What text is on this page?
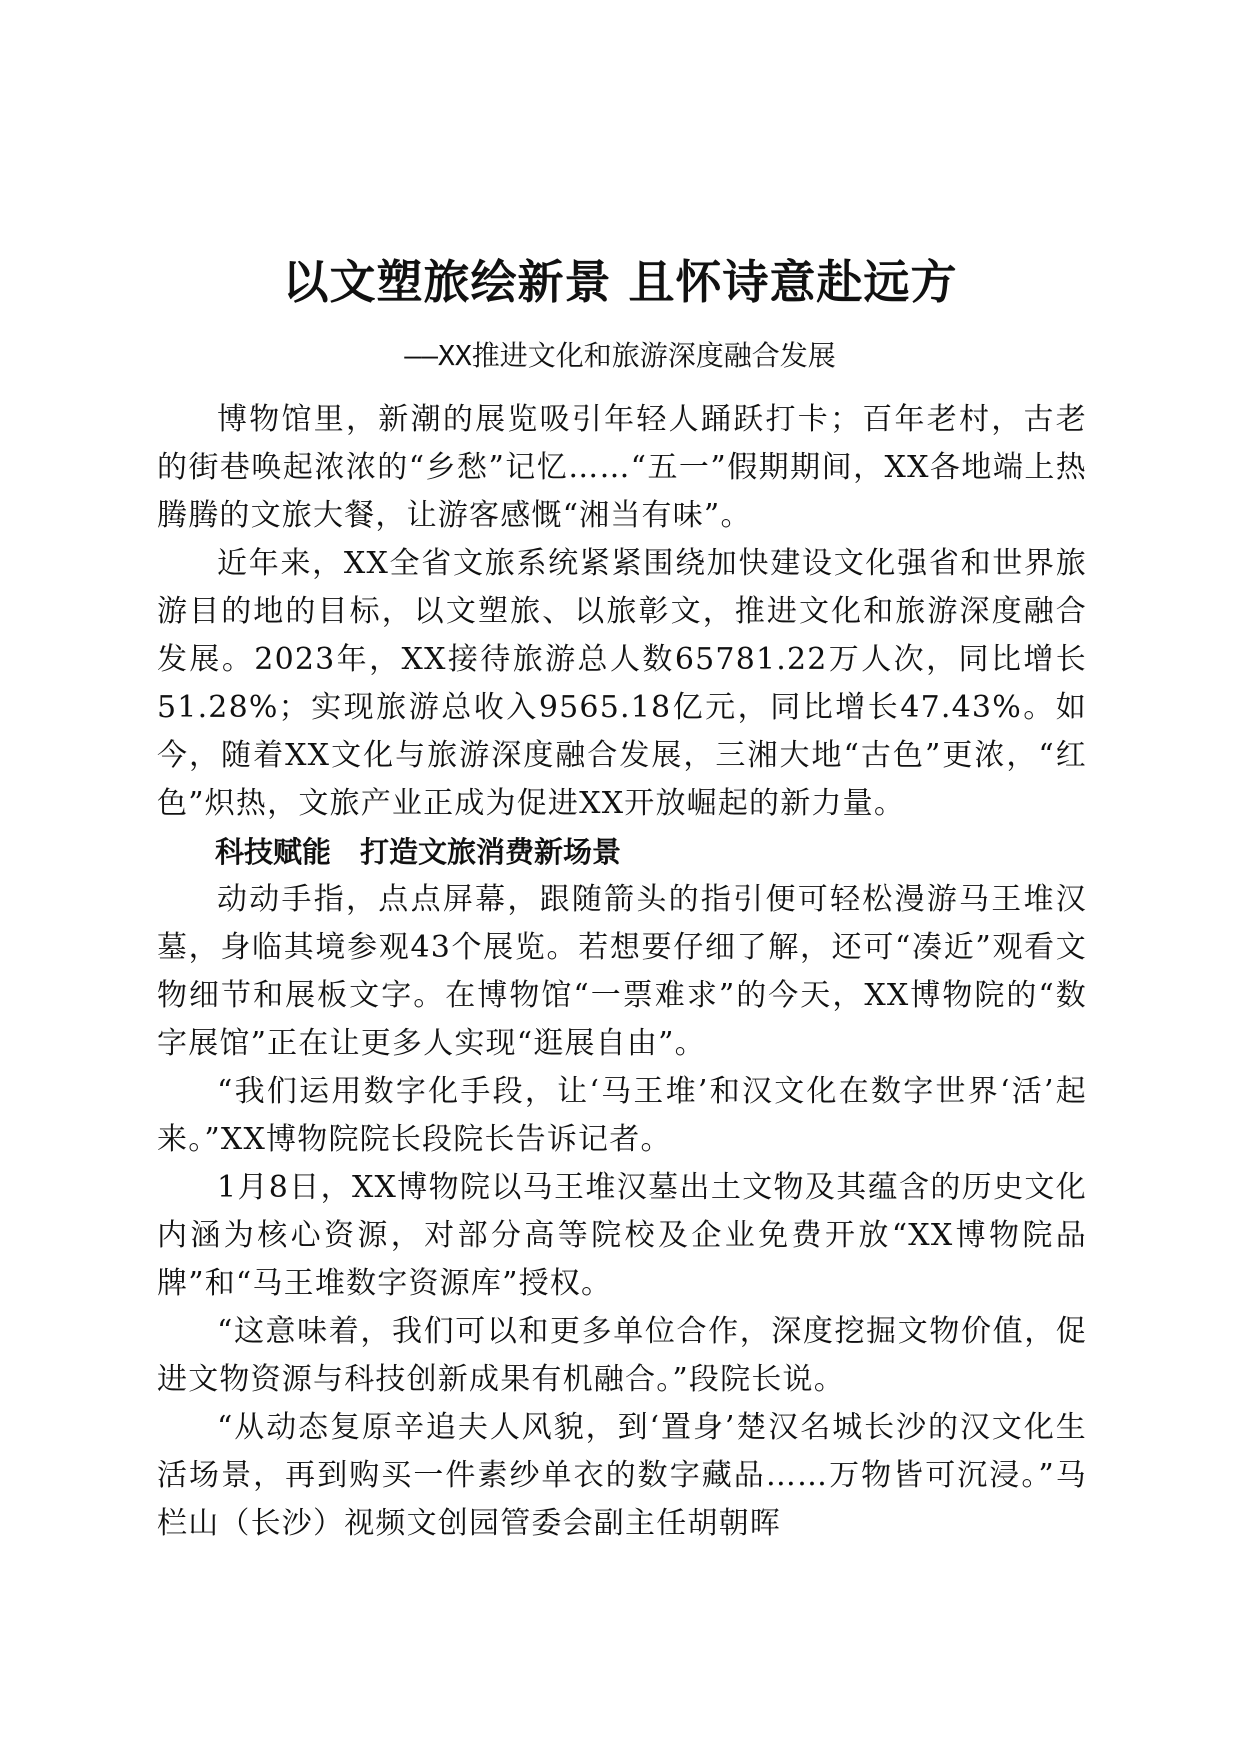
以文塑旅绘新景 且怀诗意赴远方
——XX推进文化和旅游深度融合发展

博物馆里，新潮的展览吸引年轻人踊跃打卡；百年老村，古老的街巷唤起浓浓的“乡愁”记忆……“五一”假期期间，XX各地端上热腾腾的文旅大餐，让游客感慨“湘当有味”。

近年来，XX全省文旅系统紧紧围绕加快建设文化强省和世界旅游目的地的目标，以文塑旅、以旅彰文，推进文化和旅游深度融合发展。2023年，XX接待旅游总人数65781.22万人次，同比增长51.28%；实现旅游总收入9565.18亿元，同比增长47.43%。如今，随着XX文化与旅游深度融合发展，三湘大地“古色”更浓，“红色”炽热，文旅产业正成为促进XX开放崛起的新力量。

科技赋能　打造文旅消费新场景

动动手指，点点屏幕，跟随箭头的指引便可轻松漫游马王堆汉墓，身临其境参观43个展览。若想要仔细了解，还可“凑近”观看文物细节和展板文字。在博物馆“一票难求”的今天，XX博物院的“数字展馆”正在让更多人实现“逛展自由”。

“我们运用数字化手段，让‘马王堆’和汉文化在数字世界‘活’起来。”XX博物院院长段院长告诉记者。

1月8日，XX博物院以马王堆汉墓出土文物及其蕴含的历史文化内涵为核心资源，对部分高等院校及企业免费开放“XX博物院品牌”和“马王堆数字资源库”授权。

“这意味着，我们可以和更多单位合作，深度挖掘文物价值，促进文物资源与科技创新成果有机融合。”段院长说。

“从动态复原辛追夫人风貌，到‘置身’楚汉名城长沙的汉文化生活场景，再到购买一件素纱单衣的数字藏品……万物皆可沉浸。”马栏山（长沙）视频文创园管委会副主任胡朝晖
